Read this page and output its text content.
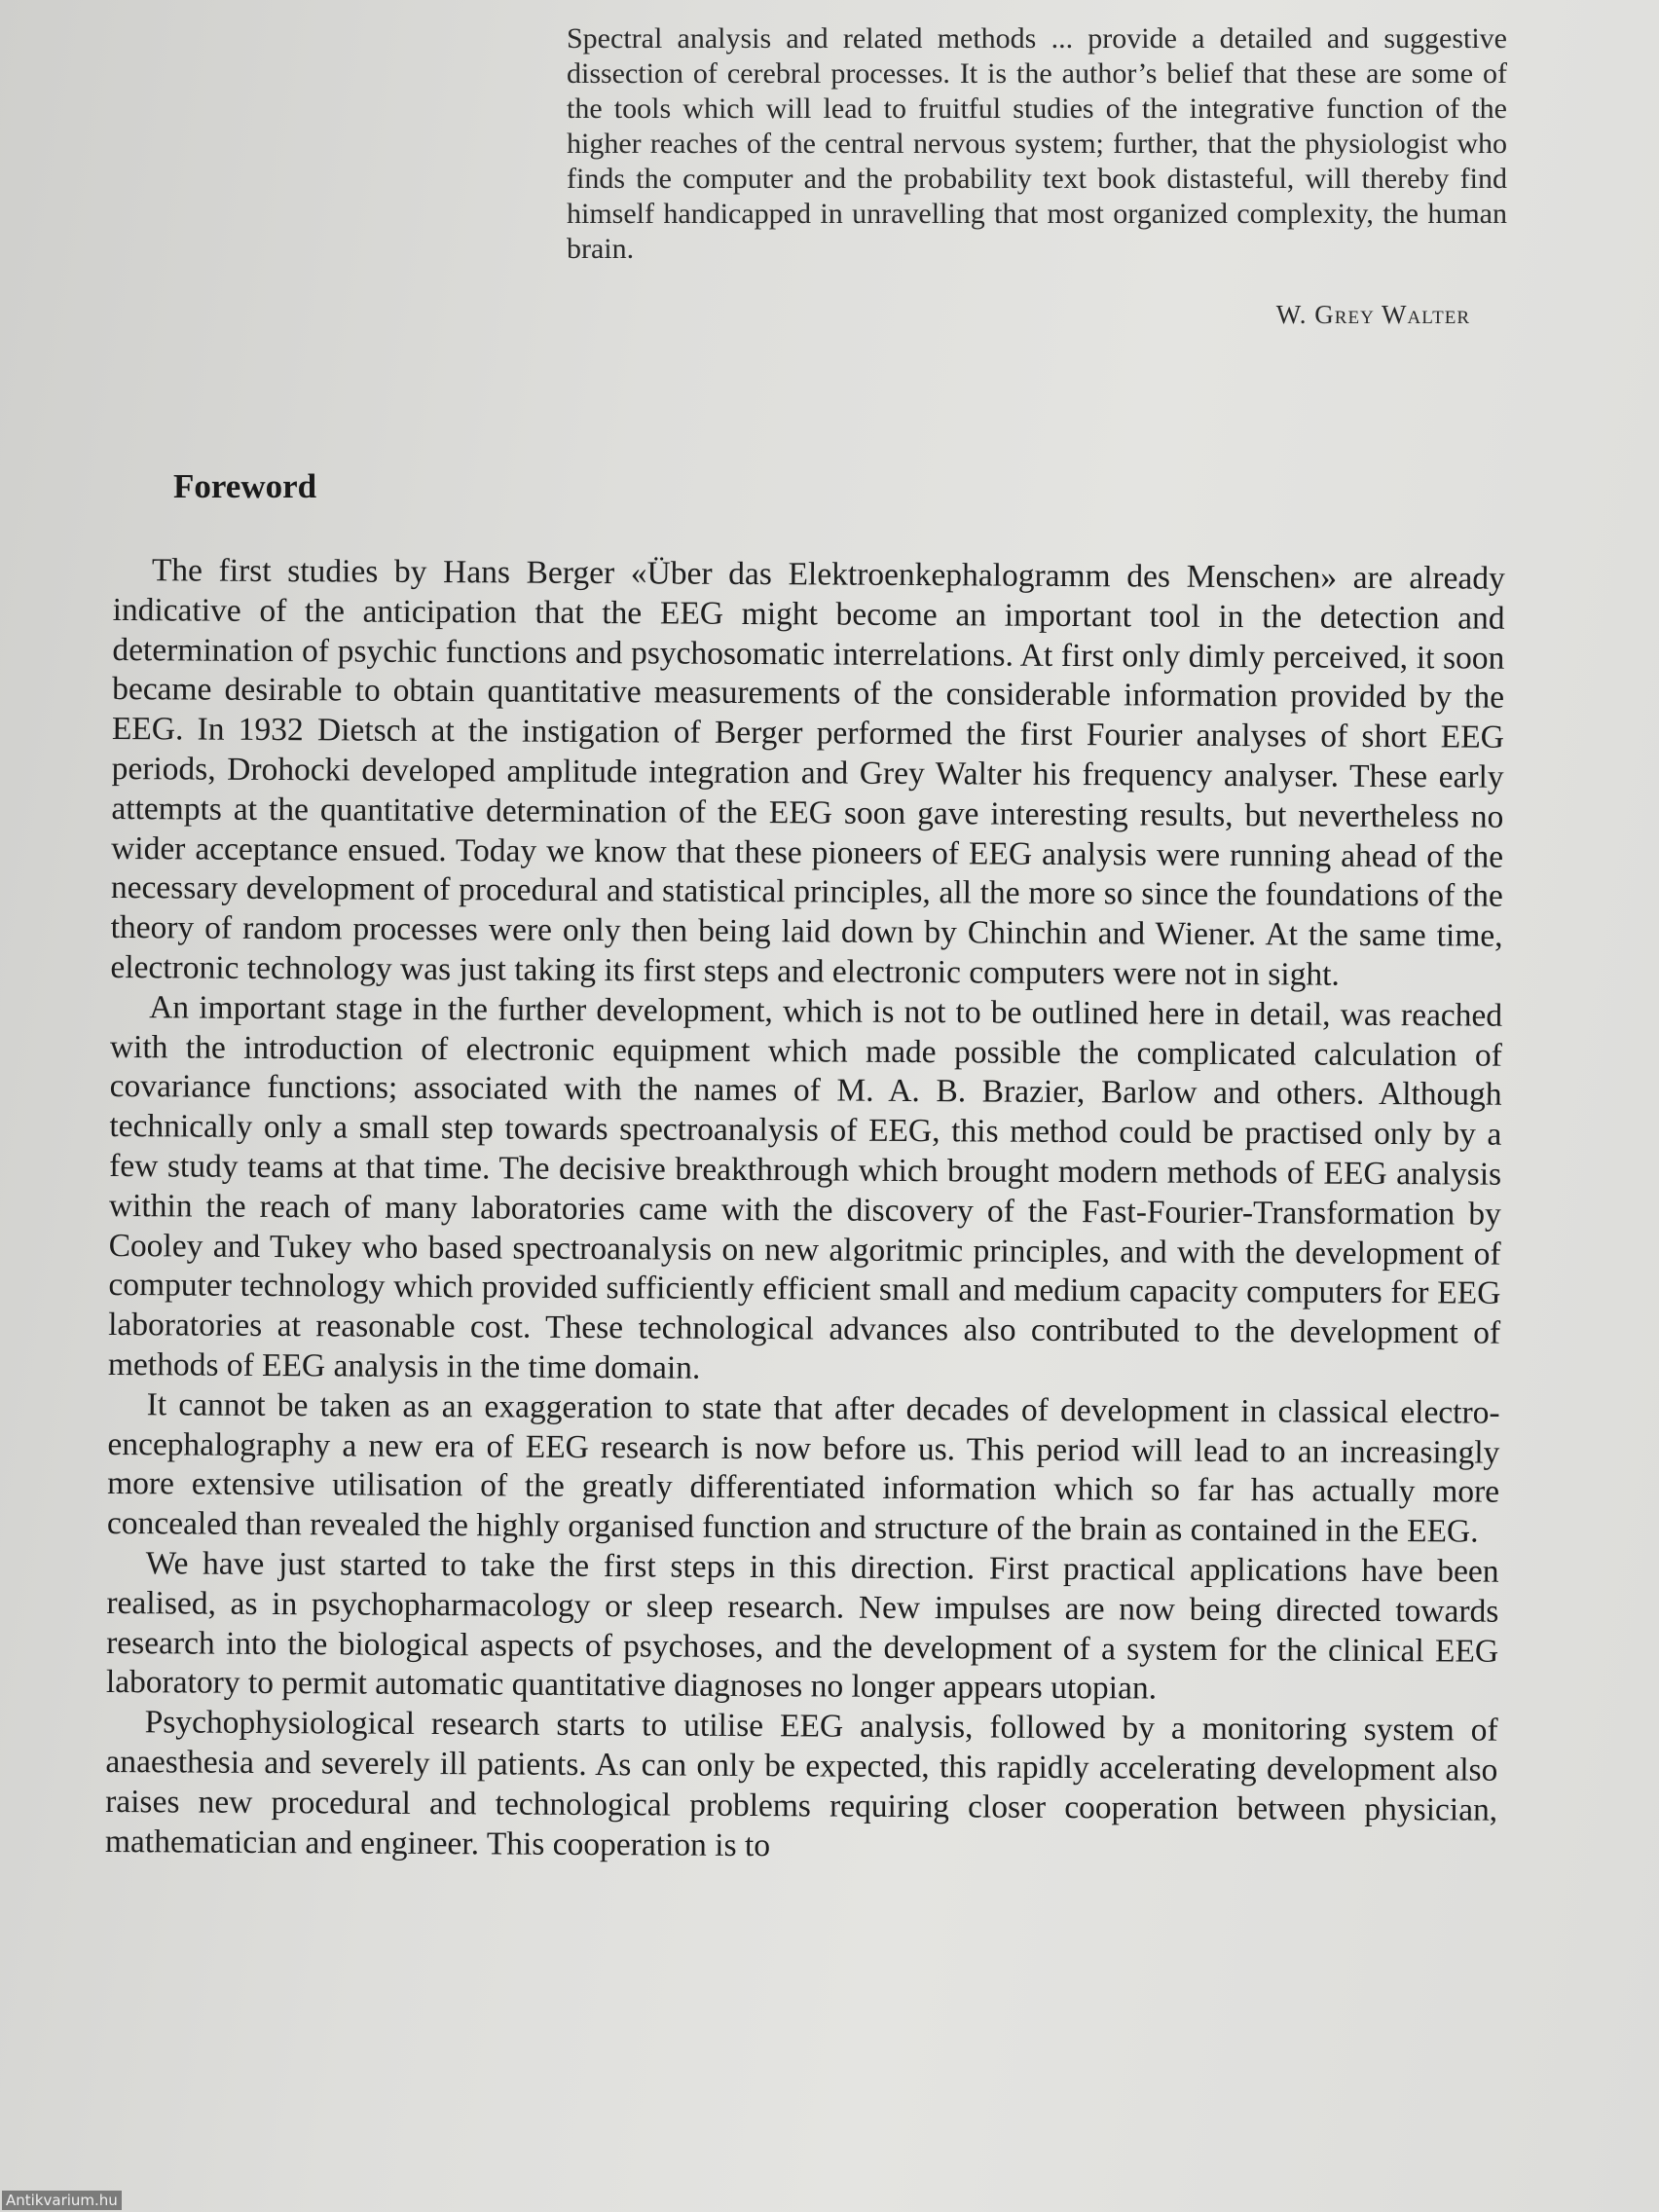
Spectral analysis and related methods ... provide a detailed and suggestive dissection of cerebral processes. It is the author’s belief that these are some of the tools which will lead to fruitful studies of the integrative function of the higher reaches of the central nervous system; further, that the physiologist who finds the computer and the probability text book distasteful, will thereby find himself handicapped in unravelling that most organized complexity, the human brain.
W. Grey Walter
Foreword

The first studies by Hans Berger «Über das Elektroenkephalogramm des Menschen» are already indicative of the anticipation that the EEG might become an important tool in the detection and determination of psychic functions and psychosomatic interrelations. At first only dimly perceived, it soon became desirable to obtain quantitative measurements of the considerable information provided by the EEG. In 1932 Dietsch at the instigation of Berger performed the first Fourier analyses of short EEG periods, Drohocki developed amplitude integration and Grey Walter his frequency analyser. These early attempts at the quantitative determination of the EEG soon gave interesting results, but nevertheless no wider acceptance ensued. Today we know that these pioneers of EEG analysis were running ahead of the necessary development of procedural and statistical principles, all the more so since the foundations of the theory of random processes were only then being laid down by Chinchin and Wiener. At the same time, electronic technology was just taking its first steps and electronic computers were not in sight.

An important stage in the further development, which is not to be outlined here in detail, was reached with the introduction of electronic equipment which made possible the complicated calculation of covariance functions; associated with the names of M. A. B. Brazier, Barlow and others. Although technically only a small step towards spectroanalysis of EEG, this method could be practised only by a few study teams at that time. The decisive breakthrough which brought modern methods of EEG analysis within the reach of many laboratories came with the discovery of the Fast-Fourier-Transformation by Cooley and Tukey who based spectroanalysis on new algoritmic principles, and with the development of computer technology which provided sufficiently efficient small and medium capacity computers for EEG laboratories at reasonable cost. These technological advances also contributed to the development of methods of EEG analysis in the time domain.

It cannot be taken as an exaggeration to state that after decades of development in classical electro-encephalography a new era of EEG research is now before us. This period will lead to an increasingly more extensive utilisation of the greatly differentiated information which so far has actually more concealed than revealed the highly organised function and structure of the brain as contained in the EEG.

We have just started to take the first steps in this direction. First practical applications have been realised, as in psychopharmacology or sleep research. New impulses are now being directed towards research into the biological aspects of psychoses, and the development of a system for the clinical EEG laboratory to permit automatic quantitative diagnoses no longer appears utopian.

Psychophysiological research starts to utilise EEG analysis, followed by a monitoring system of anaesthesia and severely ill patients. As can only be expected, this rapidly accelerating development also raises new procedural and technological problems requiring closer cooperation between physician, mathematician and engineer. This cooperation is to

Antikvarium.hu
